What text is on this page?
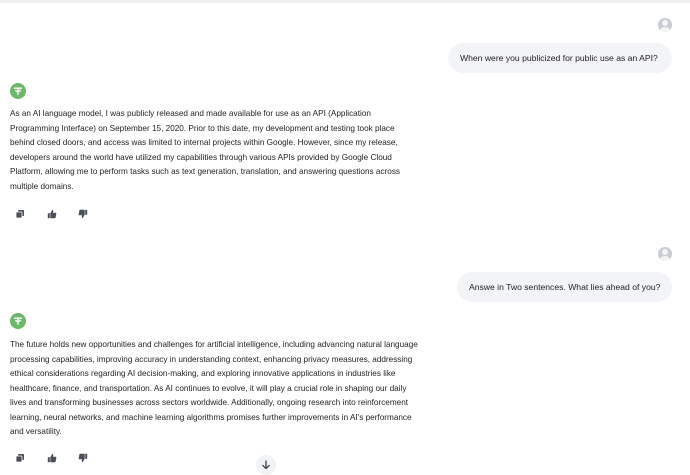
When were you publicized for public use as an API?
As an AI language model, I was publicly released and made available for use as an API (Application Programming Interface) on September 15, 2020. Prior to this date, my development and testing took place behind closed doors, and access was limited to internal projects within Google. However, since my release, developers around the world have utilized my capabilities through various APIs provided by Google Cloud Platform, allowing me to perform tasks such as text generation, translation, and answering questions across multiple domains.
Answe in Two sentences. What lies ahead of you?
The future holds new opportunities and challenges for artificial intelligence, including advancing natural language processing capabilities, improving accuracy in understanding context, enhancing privacy measures, addressing ethical considerations regarding AI decision-making, and exploring innovative applications in industries like healthcare, finance, and transportation. As AI continues to evolve, it will play a crucial role in shaping our daily lives and transforming businesses across sectors worldwide. Additionally, ongoing research into reinforcement learning, neural networks, and machine learning algorithms promises further improvements in AI's performance and versatility.
